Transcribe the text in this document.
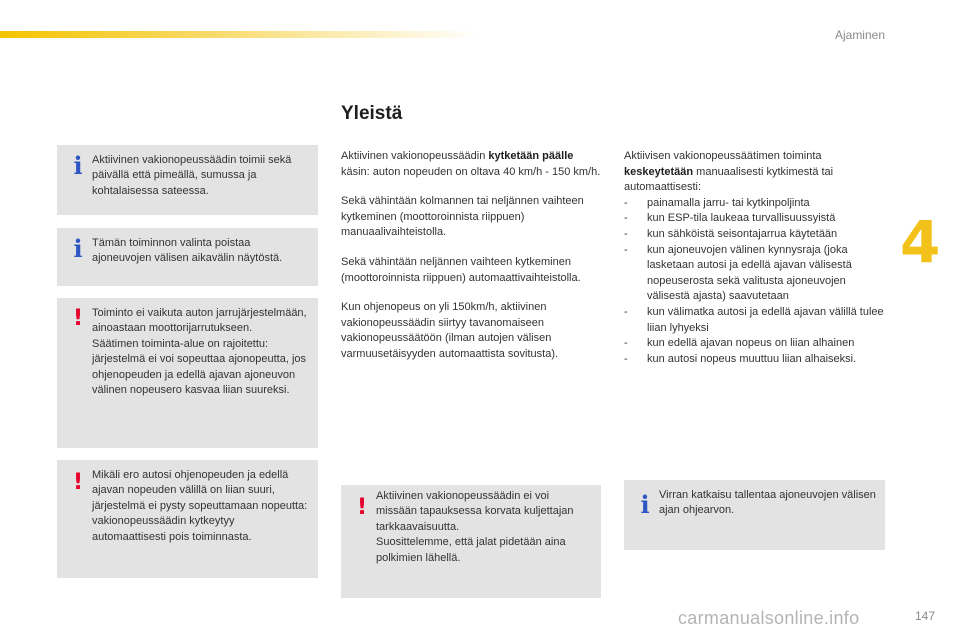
Ajaminen
4
Yleistä
i Aktiivinen vakionopeussäädin toimii sekä päivällä että pimeällä, sumussa ja kohtalaisessa sateessa.
i Tämän toiminnon valinta poistaa ajoneuvojen välisen aikavälin näytöstä.
! Toiminto ei vaikuta auton jarrujärjestelmään, ainoastaan moottorijarrutukseen.
Säätimen toiminta-alue on rajoitettu: järjestelmä ei voi sopeuttaa ajonopeutta, jos ohjenopeuden ja edellä ajavan ajoneuvon välinen nopeusero kasvaa liian suureksi.
! Mikäli ero autosi ohjenopeuden ja edellä ajavan nopeuden välillä on liian suuri, järjestelmä ei pysty sopeuttamaan nopeutta: vakionopeussäädin kytkeytyy automaattisesti pois toiminnasta.

Aktiivinen vakionopeussäädin kytketään päälle käsin: auton nopeuden on oltava 40 km/h - 150 km/h.

Sekä vähintään kolmannen tai neljännen vaihteen kytkeminen (moottoroinnista riippuen) manuaalivaihteistolla.

Sekä vähintään neljännen vaihteen kytkeminen (moottoroinnista riippuen) automaattivaihteistolla.

Kun ohjenopeus on yli 150km/h, aktiivinen vakionopeussäädin siirtyy tavanomaiseen vakionopeussäätöön (ilman autojen välisen varmuusetäisyyden automaattista sovitusta).

! Aktiivinen vakionopeussäädin ei voi missään tapauksessa korvata kuljettajan tarkkaavaisuutta.
Suosittelemme, että jalat pidetään aina polkimien lähellä.

Aktiivisen vakionopeussäätimen toiminta keskeytetään manuaalisesti kytkimestä tai automaattisesti:

- painamalla jarru- tai kytkinpoljinta
- kun ESP-tila laukeaa turvallisuussyistä
- kun sähköistä seisontajarrua käytetään
- kun ajoneuvojen välinen kynnysraja (joka lasketaan autosi ja edellä ajavan välisestä nopeuserosta sekä valitusta ajoneuvojen välisestä ajasta) saavutetaan
- kun välimatka autosi ja edellä ajavan välillä tulee liian lyhyeksi
- kun edellä ajavan nopeus on liian alhainen
- kun autosi nopeus muuttuu liian alhaiseksi.
i Virran katkaisu tallentaa ajoneuvojen välisen ajan ohjearvon.
carmanualsonline.info	147
